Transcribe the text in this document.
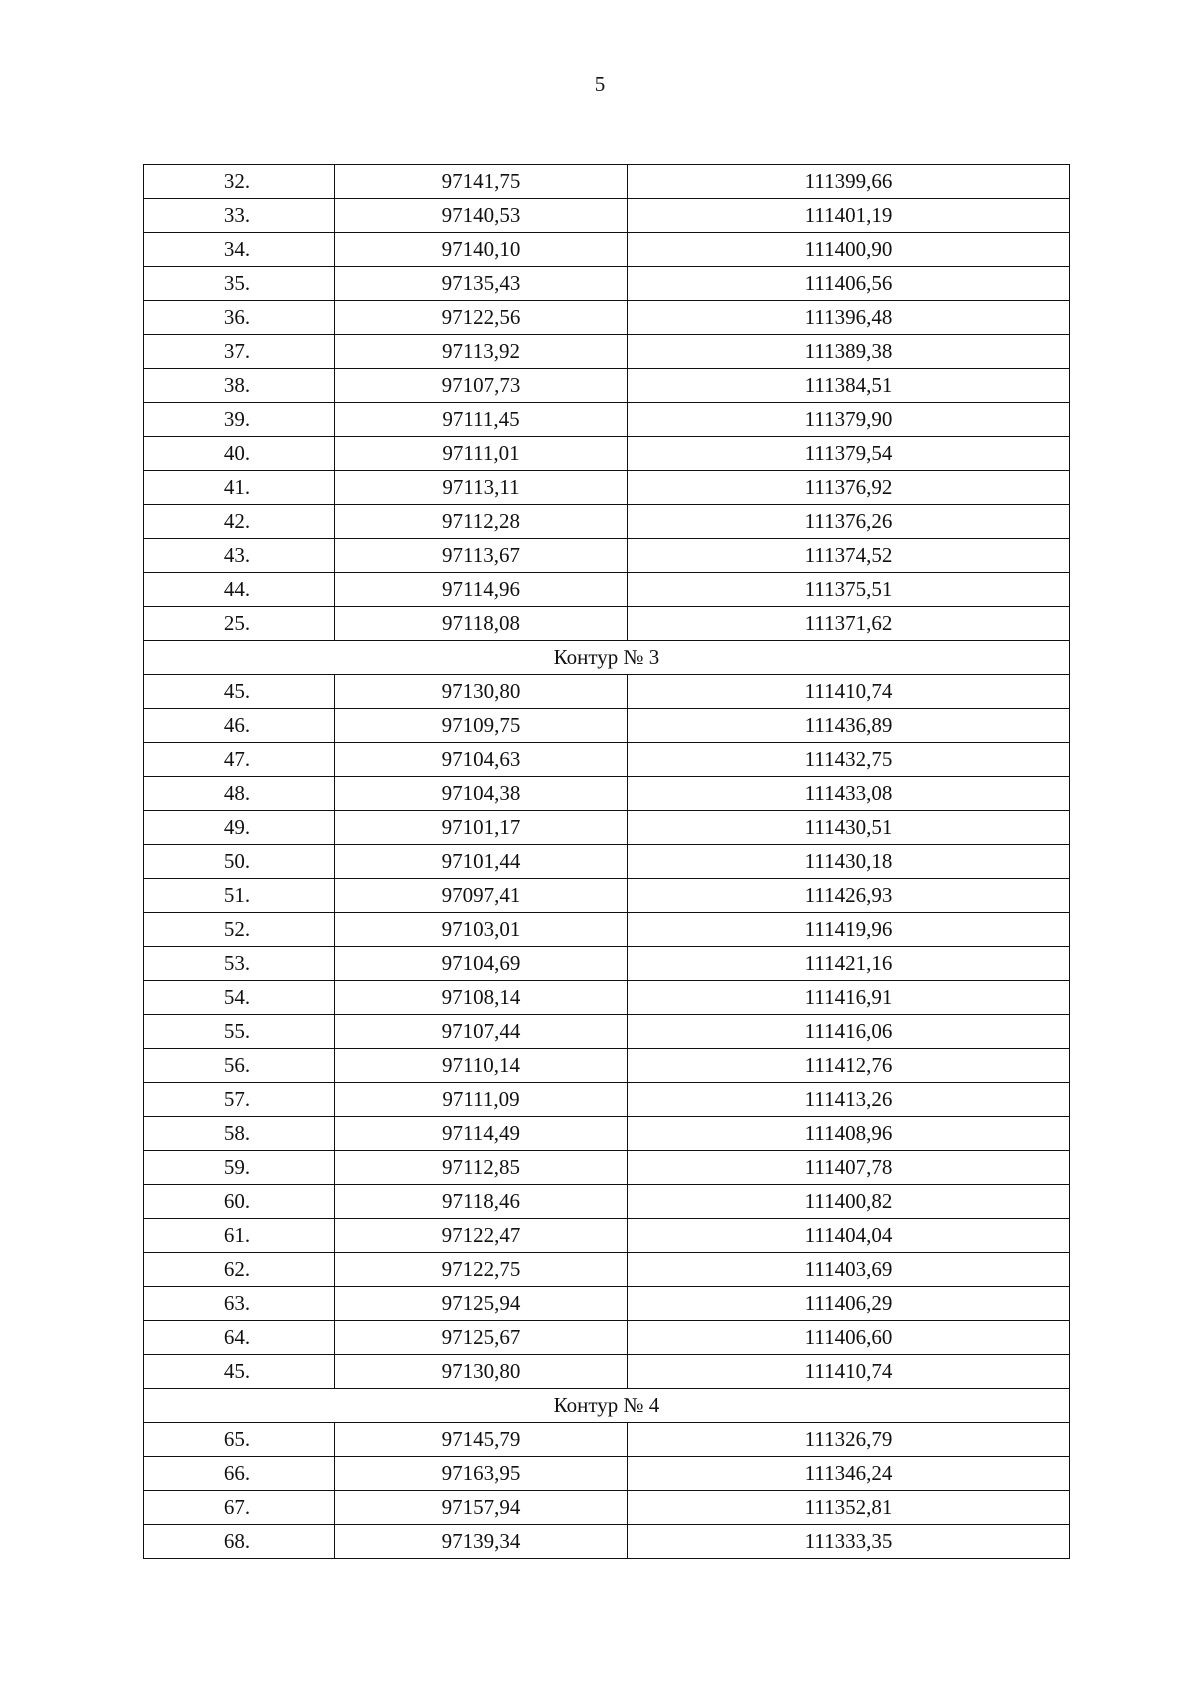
5
32.	97141,75	111399,66
33.	97140,53	111401,19
34.	97140,10	111400,90
35.	97135,43	111406,56
36.	97122,56	111396,48
37.	97113,92	111389,38
38.	97107,73	111384,51
39.	97111,45	111379,90
40.	97111,01	111379,54
41.	97113,11	111376,92
42.	97112,28	111376,26
43.	97113,67	111374,52
44.	97114,96	111375,51
25.	97118,08	111371,62
Контур № 3		
45.	97130,80	111410,74
46.	97109,75	111436,89
47.	97104,63	111432,75
48.	97104,38	111433,08
49.	97101,17	111430,51
50.	97101,44	111430,18
51.	97097,41	111426,93
52.	97103,01	111419,96
53.	97104,69	111421,16
54.	97108,14	111416,91
55.	97107,44	111416,06
56.	97110,14	111412,76
57.	97111,09	111413,26
58.	97114,49	111408,96
59.	97112,85	111407,78
60.	97118,46	111400,82
61.	97122,47	111404,04
62.	97122,75	111403,69
63.	97125,94	111406,29
64.	97125,67	111406,60
45.	97130,80	111410,74
Контур № 4		
65.	97145,79	111326,79
66.	97163,95	111346,24
67.	97157,94	111352,81
68.	97139,34	111333,35
